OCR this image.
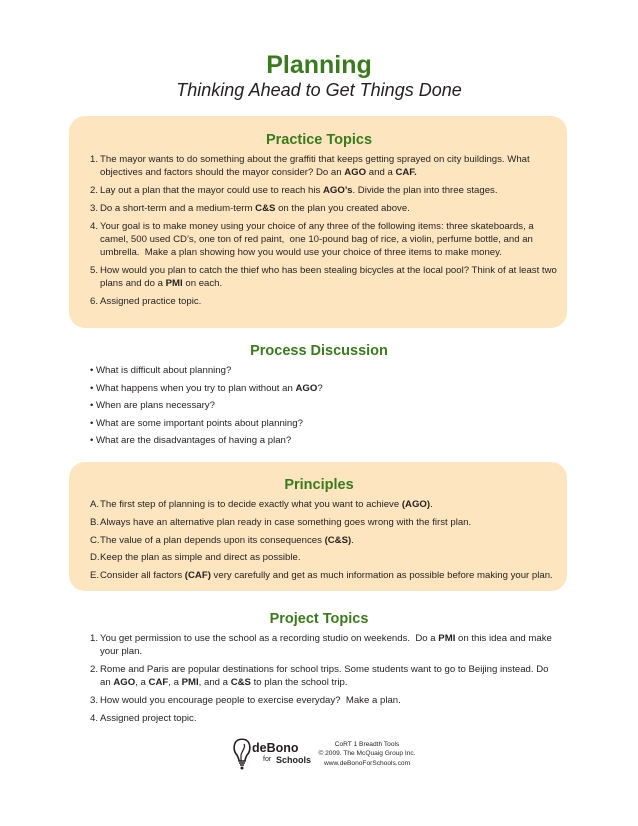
Planning
Thinking Ahead to Get Things Done
Practice Topics
1. The mayor wants to do something about the graffiti that keeps getting sprayed on city buildings. What objectives and factors should the mayor consider? Do an AGO and a CAF.
2. Lay out a plan that the mayor could use to reach his AGO’s. Divide the plan into three stages.
3. Do a short-term and a medium-term C&S on the plan you created above.
4. Your goal is to make money using your choice of any three of the following items: three skateboards, a camel, 500 used CD’s, one ton of red paint,  one 10-pound bag of rice, a violin, perfume bottle, and an umbrella.  Make a plan showing how you would use your choice of three items to make money.
5. How would you plan to catch the thief who has been stealing bicycles at the local pool? Think of at least two plans and do a PMI on each.
6. Assigned practice topic.
Process Discussion
• What is difficult about planning?
• What happens when you try to plan without an AGO?
• When are plans necessary?
• What are some important points about planning?
• What are the disadvantages of having a plan?
Principles
A. The first step of planning is to decide exactly what you want to achieve (AGO).
B. Always have an alternative plan ready in case something goes wrong with the first plan.
C. The value of a plan depends upon its consequences (C&S).
D. Keep the plan as simple and direct as possible.
E. Consider all factors (CAF) very carefully and get as much information as possible before making your plan.
Project Topics
1. You get permission to use the school as a recording studio on weekends.  Do a PMI on this idea and make your plan.
2. Rome and Paris are popular destinations for school trips. Some students want to go to Beijing instead. Do an AGO, a CAF, a PMI, and a C&S to plan the school trip.
3. How would you encourage people to exercise everyday?  Make a plan.
4. Assigned project topic.
deBono
for Schools
CoRT 1 Breadth Tools
© 2009. The McQuaig Group Inc.
www.deBonoForSchools.com
